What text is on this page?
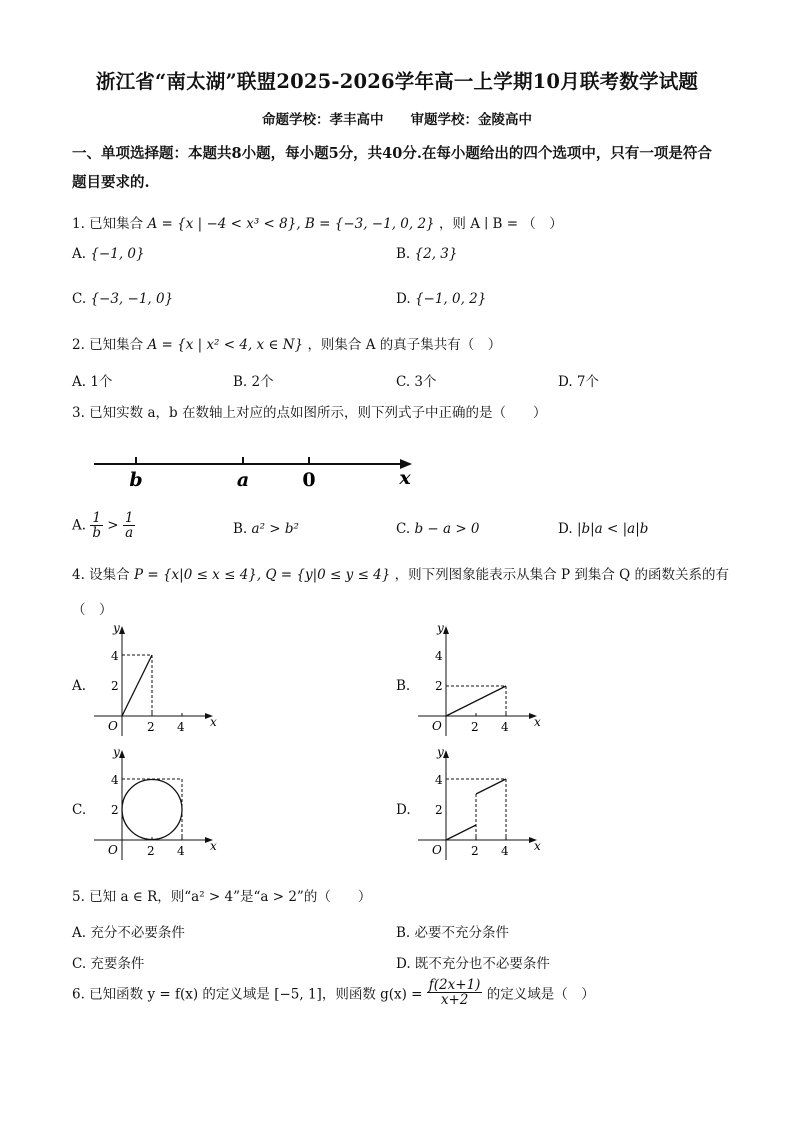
浙江省“南太湖”联盟2025-2026学年高一上学期10月联考数学试题
命题学校：孝丰高中　　审题学校：金陵高中
一、单项选择题：本题共8小题，每小题5分，共40分.在每小题给出的四个选项中，只有一项是符合题目要求的.
1. 已知集合 A = {x | −4 < x³ < 8}, B = {−3, −1, 0, 2} ，则 A ∣ B = （　）
A. {−1, 0}	B. {2, 3}
C. {−3, −1, 0}	D. {−1, 0, 2}
2. 已知集合 A = {x | x² < 4, x ∈ N} ，则集合 A 的真子集共有（　）
A. 1个	B. 2个	C. 3个	D. 7个
3. 已知实数 a，b 在数轴上对应的点如图所示，则下列式子中正确的是（　　）
b	a	0	x
A. $\frac{1}{b} > \frac{1}{a}$	B. a² > b²	C. b − a > 0	D. |b|a < |a|b
4. 设集合 P = {x|0 ≤ x ≤ 4}, Q = {y|0 ≤ y ≤ 4} ，则下列图象能表示从集合 P 到集合 Q 的函数关系的有
（　）
A.	B.
C.	D.
y
x
O 2 4
2
4
y
x
O 2 4
2
4
y
x
O 2 4
2
4
y
x
O 2 4
2
4
5. 已知 a ∈ R，则“a² > 4”是“a > 2”的（　　）
A. 充分不必要条件	B. 必要不充分条件
C. 充要条件	D. 既不充分也不必要条件
6. 已知函数 y = f(x) 的定义域是 [−5, 1]，则函数 $g(x) = \frac{f(2x+1)}{x+2}$ 的定义域是（　）
